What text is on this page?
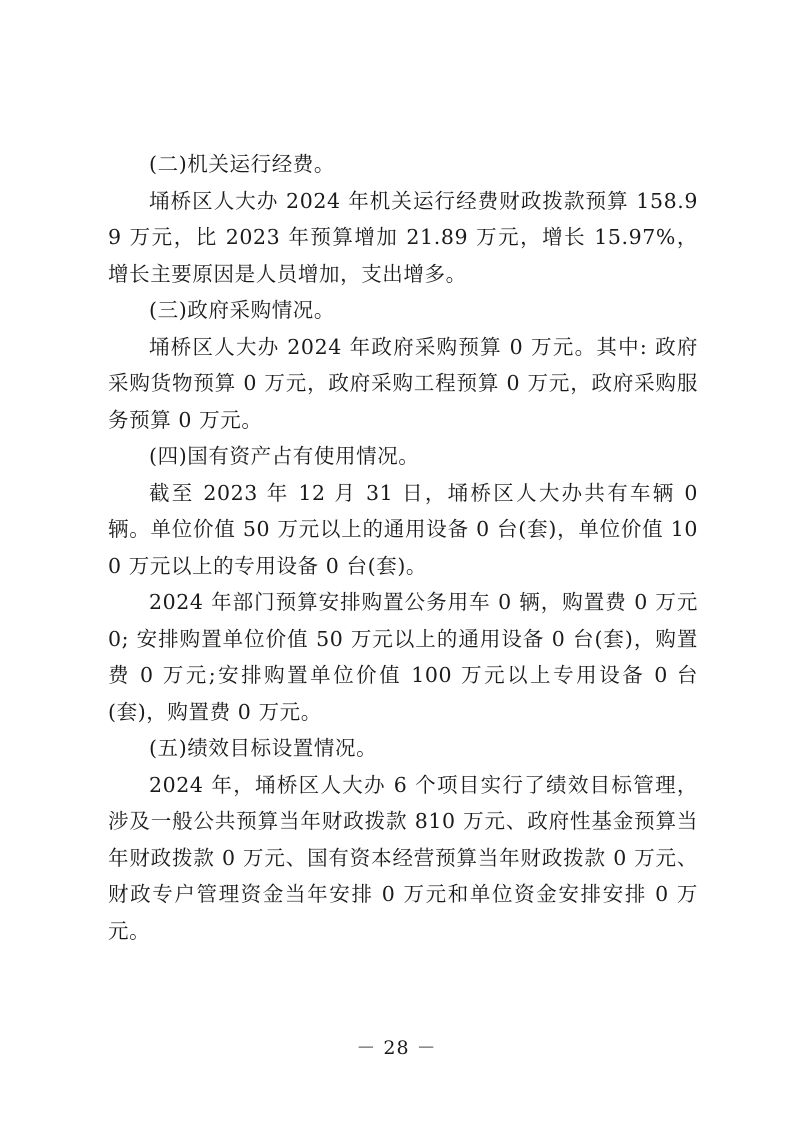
(二)机关运行经费。

埇桥区人大办 2024 年机关运行经费财政拨款预算 158.99 万元，比 2023 年预算增加 21.89 万元，增长 15.97%，增长主要原因是人员增加，支出增多。

(三)政府采购情况。

埇桥区人大办 2024 年政府采购预算 0 万元。其中: 政府采购货物预算 0 万元，政府采购工程预算 0 万元，政府采购服务预算 0 万元。

(四)国有资产占有使用情况。

截至 2023 年 12 月 31 日，埇桥区人大办共有车辆 0 辆。单位价值 50 万元以上的通用设备 0 台(套)，单位价值 100 万元以上的专用设备 0 台(套)。

2024 年部门预算安排购置公务用车 0 辆，购置费 0 万元 0; 安排购置单位价值 50 万元以上的通用设备 0 台(套)，购置费 0 万元;安排购置单位价值 100 万元以上专用设备 0 台(套)，购置费 0 万元。

(五)绩效目标设置情况。

2024 年，埇桥区人大办 6 个项目实行了绩效目标管理，涉及一般公共预算当年财政拨款 810 万元、政府性基金预算当年财政拨款 0 万元、国有资本经营预算当年财政拨款 0 万元、财政专户管理资金当年安排 0 万元和单位资金安排安排 0 万元。

－ 28 －
